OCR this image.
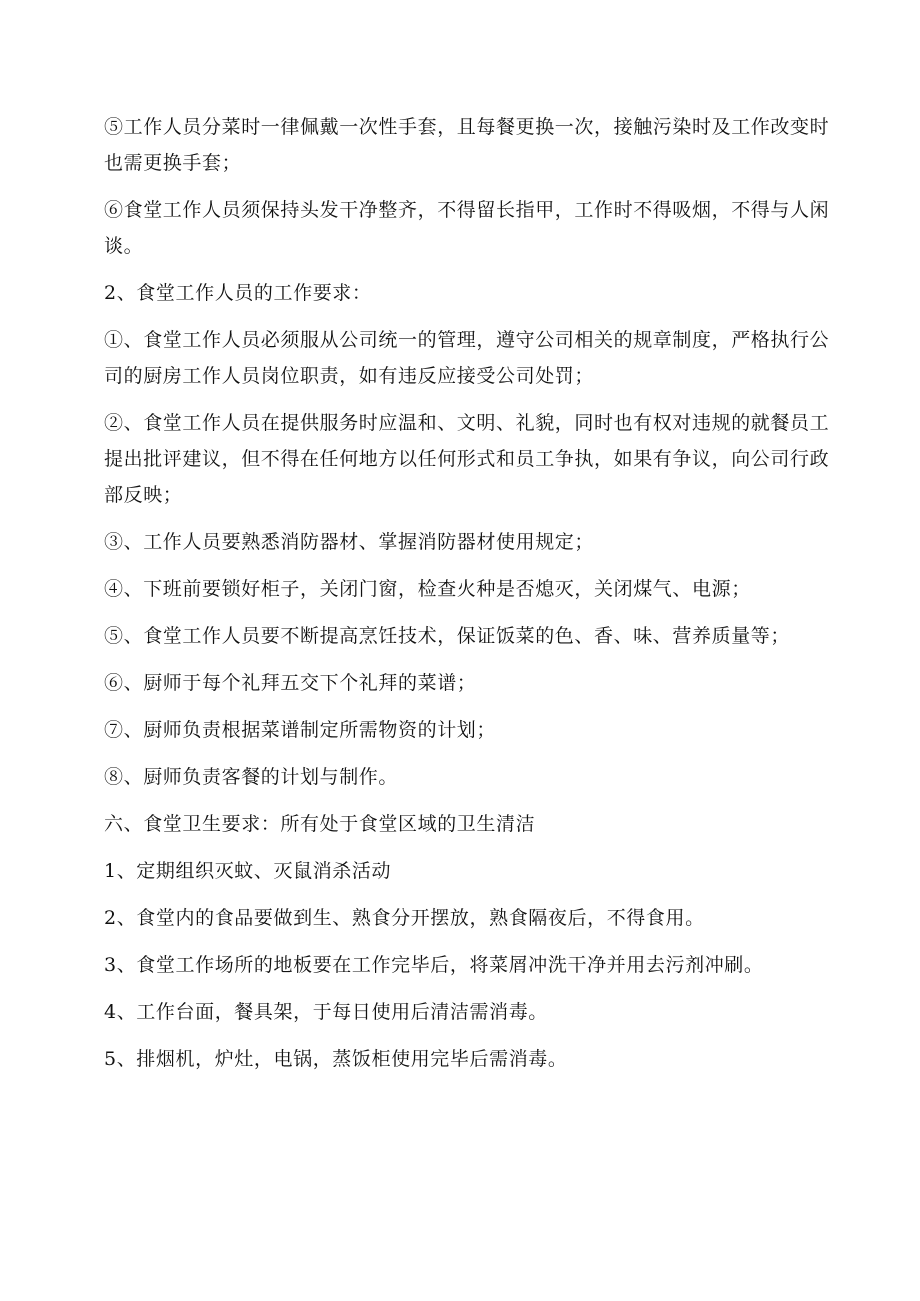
⑤工作人员分菜时一律佩戴一次性手套，且每餐更换一次，接触污染时及工作改变时也需更换手套；

⑥食堂工作人员须保持头发干净整齐，不得留长指甲，工作时不得吸烟，不得与人闲谈。

2、食堂工作人员的工作要求：

①、食堂工作人员必须服从公司统一的管理，遵守公司相关的规章制度，严格执行公司的厨房工作人员岗位职责，如有违反应接受公司处罚；

②、食堂工作人员在提供服务时应温和、文明、礼貌，同时也有权对违规的就餐员工提出批评建议，但不得在任何地方以任何形式和员工争执，如果有争议，向公司行政部反映；

③、工作人员要熟悉消防器材、掌握消防器材使用规定；

④、下班前要锁好柜子，关闭门窗，检查火种是否熄灭，关闭煤气、电源；

⑤、食堂工作人员要不断提高烹饪技术，保证饭菜的色、香、味、营养质量等；

⑥、厨师于每个礼拜五交下个礼拜的菜谱；

⑦、厨师负责根据菜谱制定所需物资的计划；

⑧、厨师负责客餐的计划与制作。

六、食堂卫生要求：所有处于食堂区域的卫生清洁

1、定期组织灭蚊、灭鼠消杀活动

2、食堂内的食品要做到生、熟食分开摆放，熟食隔夜后，不得食用。

3、食堂工作场所的地板要在工作完毕后，将菜屑冲洗干净并用去污剂冲刷。

4、工作台面，餐具架，于每日使用后清洁需消毒。

5、排烟机，炉灶，电锅，蒸饭柜使用完毕后需消毒。
